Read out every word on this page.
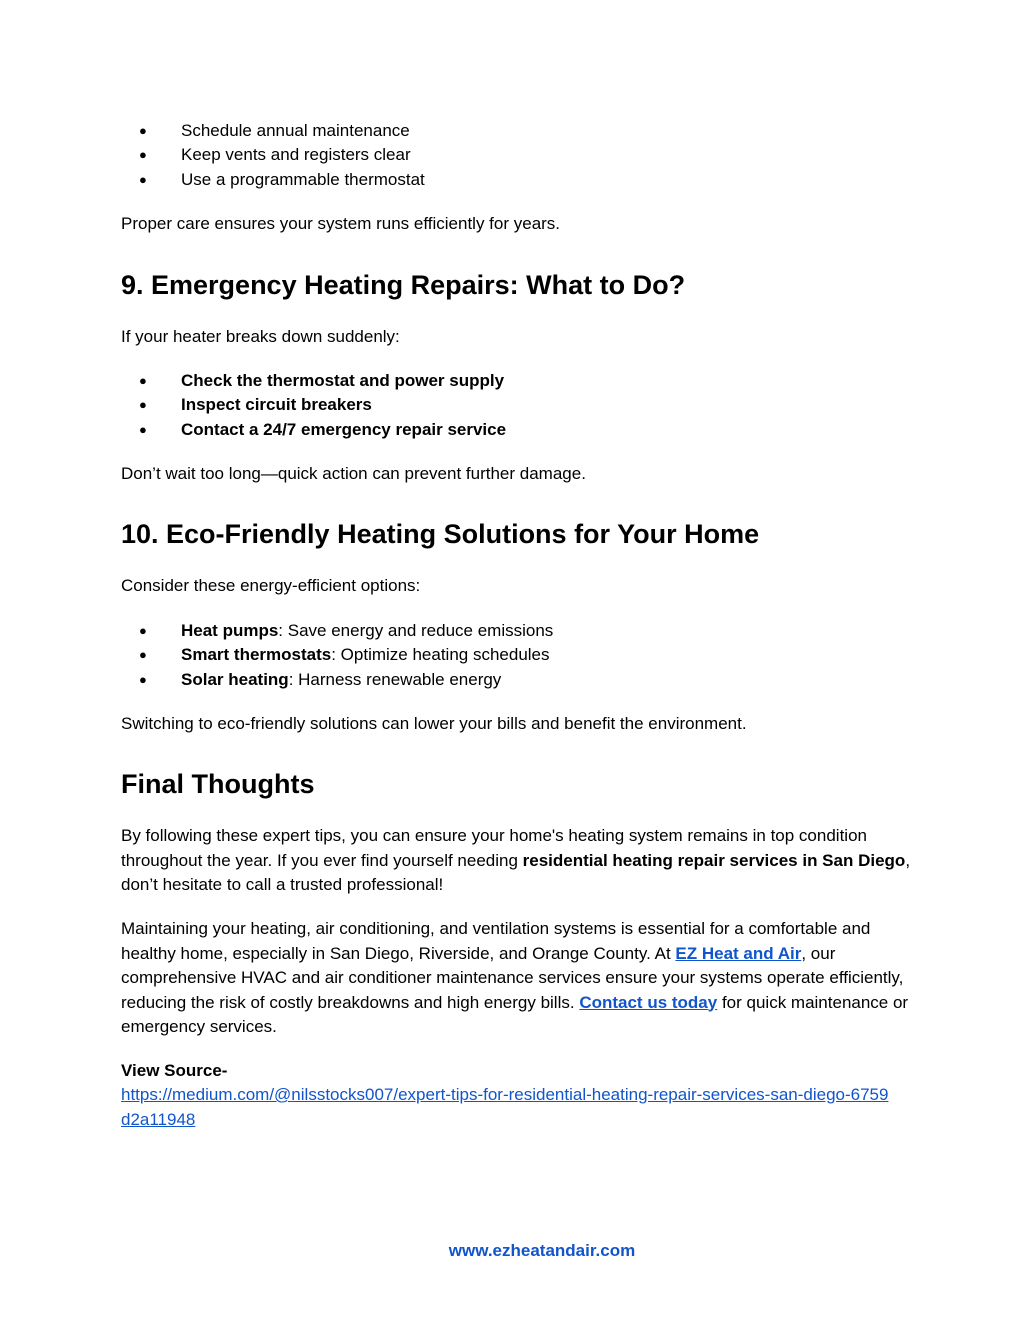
● Schedule annual maintenance
● Keep vents and registers clear
● Use a programmable thermostat
Proper care ensures your system runs efficiently for years.
9. Emergency Heating Repairs: What to Do?
If your heater breaks down suddenly:
● Check the thermostat and power supply
● Inspect circuit breakers
● Contact a 24/7 emergency repair service
Don’t wait too long—quick action can prevent further damage.
10. Eco-Friendly Heating Solutions for Your Home
Consider these energy-efficient options:
● Heat pumps: Save energy and reduce emissions
● Smart thermostats: Optimize heating schedules
● Solar heating: Harness renewable energy
Switching to eco-friendly solutions can lower your bills and benefit the environment.
Final Thoughts
By following these expert tips, you can ensure your home's heating system remains in top condition throughout the year. If you ever find yourself needing residential heating repair services in San Diego, don’t hesitate to call a trusted professional!
Maintaining your heating, air conditioning, and ventilation systems is essential for a comfortable and healthy home, especially in San Diego, Riverside, and Orange County. At EZ Heat and Air, our comprehensive HVAC and air conditioner maintenance services ensure your systems operate efficiently, reducing the risk of costly breakdowns and high energy bills. Contact us today for quick maintenance or emergency services.
View Source-
https://medium.com/@nilsstocks007/expert-tips-for-residential-heating-repair-services-san-diego-6759d2a11948
www.ezheatandair.com
